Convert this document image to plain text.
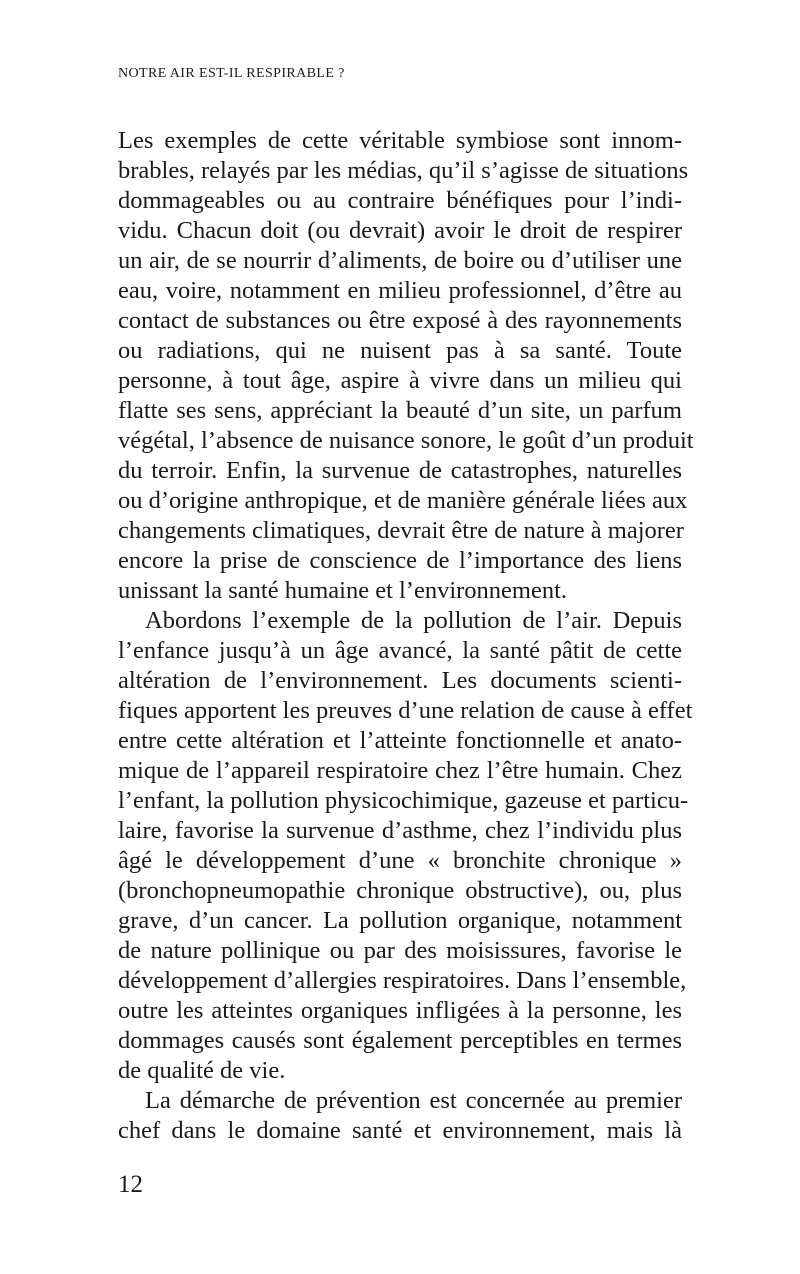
NOTRE AIR EST-IL RESPIRABLE ?
Les exemples de cette véritable symbiose sont innom-
brables, relayés par les médias, qu’il s’agisse de situations
dommageables ou au contraire bénéfiques pour l’indi-
vidu. Chacun doit (ou devrait) avoir le droit de respirer
un air, de se nourrir d’aliments, de boire ou d’utiliser une
eau, voire, notamment en milieu professionnel, d’être au
contact de substances ou être exposé à des rayonnements
ou radiations, qui ne nuisent pas à sa santé. Toute
personne, à tout âge, aspire à vivre dans un milieu qui
flatte ses sens, appréciant la beauté d’un site, un parfum
végétal, l’absence de nuisance sonore, le goût d’un produit
du terroir. Enfin, la survenue de catastrophes, naturelles
ou d’origine anthropique, et de manière générale liées aux
changements climatiques, devrait être de nature à majorer
encore la prise de conscience de l’importance des liens
unissant la santé humaine et l’environnement.
Abordons l’exemple de la pollution de l’air. Depuis
l’enfance jusqu’à un âge avancé, la santé pâtit de cette
altération de l’environnement. Les documents scienti-
fiques apportent les preuves d’une relation de cause à effet
entre cette altération et l’atteinte fonctionnelle et anato-
mique de l’appareil respiratoire chez l’être humain. Chez
l’enfant, la pollution physicochimique, gazeuse et particu-
laire, favorise la survenue d’asthme, chez l’individu plus
âgé le développement d’une « bronchite chronique »
(bronchopneumopathie chronique obstructive), ou, plus
grave, d’un cancer. La pollution organique, notamment
de nature pollinique ou par des moisissures, favorise le
développement d’allergies respiratoires. Dans l’ensemble,
outre les atteintes organiques infligées à la personne, les
dommages causés sont également perceptibles en termes
de qualité de vie.
La démarche de prévention est concernée au premier
chef dans le domaine santé et environnement, mais là
12
